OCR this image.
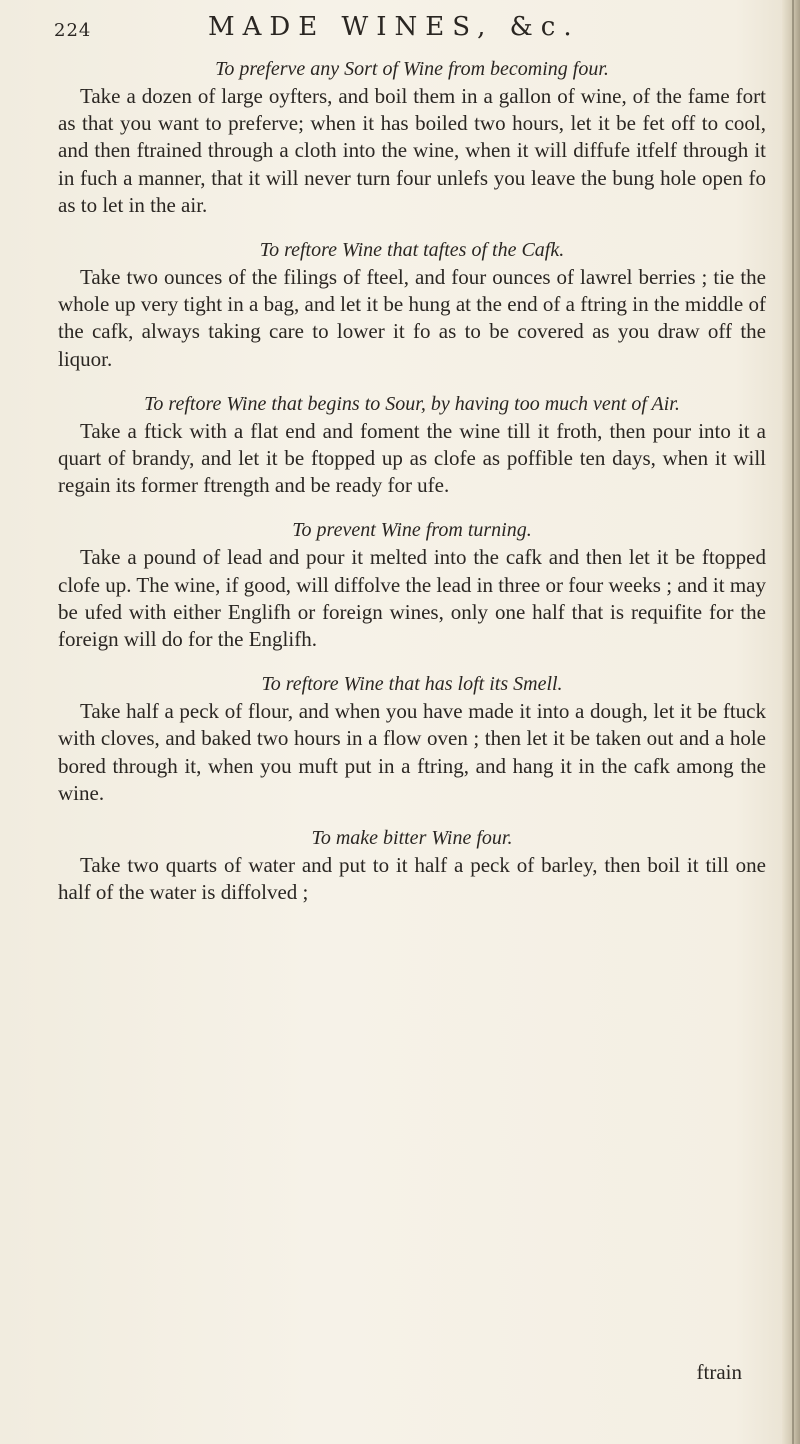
224	MADE WINES, &c.

To preferve any Sort of Wine from becoming four.

Take a dozen of large oyfters, and boil them in a gallon of wine, of the fame fort as that you want to preferve; when it has boiled two hours, let it be fet off to cool, and then ftrained through a cloth into the wine, when it will diffufe itfelf through it in fuch a manner, that it will never turn four unlefs you leave the bung hole open fo as to let in the air.

To reftore Wine that taftes of the Cafk.

Take two ounces of the filings of fteel, and four ounces of lawrel berries ; tie the whole up very tight in a bag, and let it be hung at the end of a ftring in the middle of the cafk, always taking care to lower it fo as to be covered as you draw off the liquor.

To reftore Wine that begins to Sour, by having too much vent of Air.

Take a ftick with a flat end and foment the wine till it froth, then pour into it a quart of brandy, and let it be ftopped up as clofe as poffible ten days, when it will regain its former ftrength and be ready for ufe.

To prevent Wine from turning.

Take a pound of lead and pour it melted into the cafk and then let it be ftopped clofe up. The wine, if good, will diffolve the lead in three or four weeks ; and it may be ufed with either Englifh or foreign wines, only one half that is requifite for the foreign will do for the Englifh.

To reftore Wine that has loft its Smell.

Take half a peck of flour, and when you have made it into a dough, let it be ftuck with cloves, and baked two hours in a flow oven ; then let it be taken out and a hole bored through it, when you muft put in a ftring, and hang it in the cafk among the wine.

To make bitter Wine four.

Take two quarts of water and put to it half a peck of barley, then boil it till one half of the water is diffolved ;

ftrain
